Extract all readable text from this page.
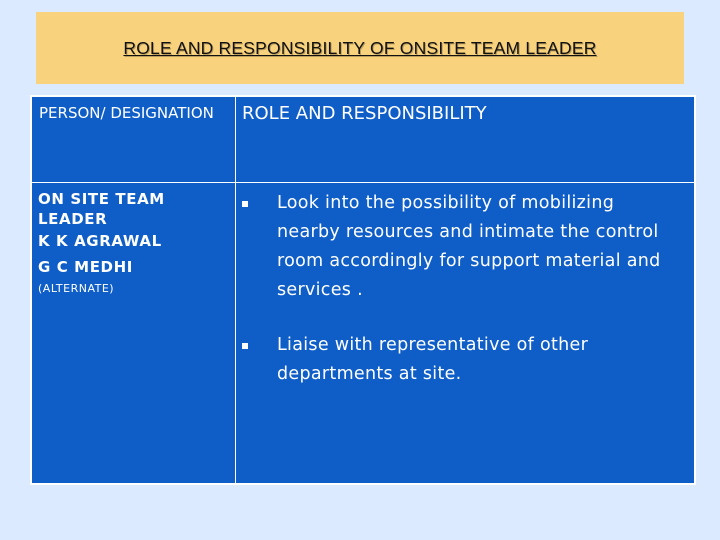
ROLE AND RESPONSIBILITY OF ONSITE TEAM LEADER
PERSON/ DESIGNATION	ROLE AND RESPONSIBILITY
ON SITE TEAM
LEADER
K K AGRAWAL
G C MEDHI
(ALTERNATE)
Look into the possibility of mobilizing nearby resources and intimate the control room accordingly for support material and services .
Liaise with representative of other departments at site.
